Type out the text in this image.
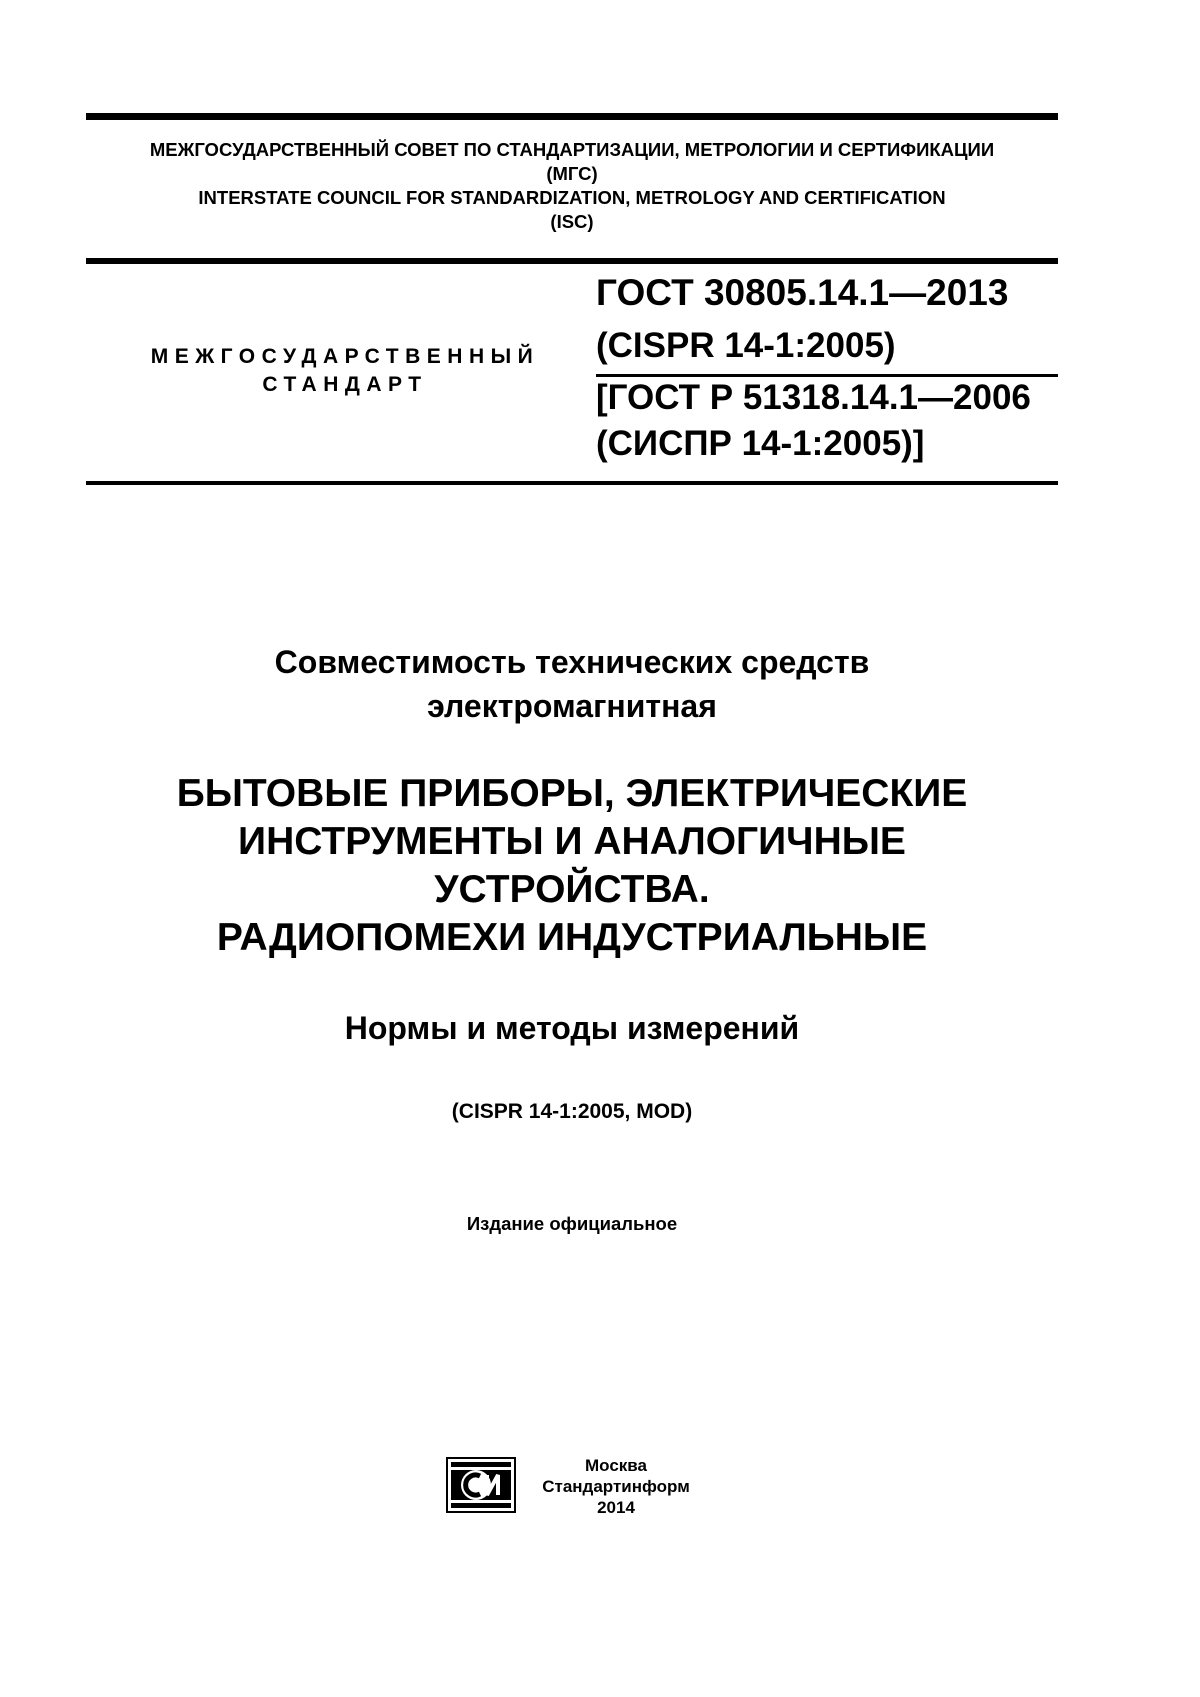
МЕЖГОСУДАРСТВЕННЫЙ СОВЕТ ПО СТАНДАРТИЗАЦИИ, МЕТРОЛОГИИ И СЕРТИФИКАЦИИ
(МГС)
INTERSTATE COUNCIL FOR STANDARDIZATION, METROLOGY AND CERTIFICATION
(ISC)
МЕЖГОСУДАРСТВЕННЫЙ
СТАНДАРТ
ГОСТ 30805.14.1—2013
(CISPR 14-1:2005)
[ГОСТ Р 51318.14.1—2006
(СИСПР 14-1:2005)]
Совместимость технических средств
электромагнитная
БЫТОВЫЕ ПРИБОРЫ, ЭЛЕКТРИЧЕСКИЕ
ИНСТРУМЕНТЫ И АНАЛОГИЧНЫЕ
УСТРОЙСТВА.
РАДИОПОМЕХИ ИНДУСТРИАЛЬНЫЕ
Нормы и методы измерений
(CISPR 14-1:2005, MOD)
Издание официальное
Москва
Стандартинформ
2014
